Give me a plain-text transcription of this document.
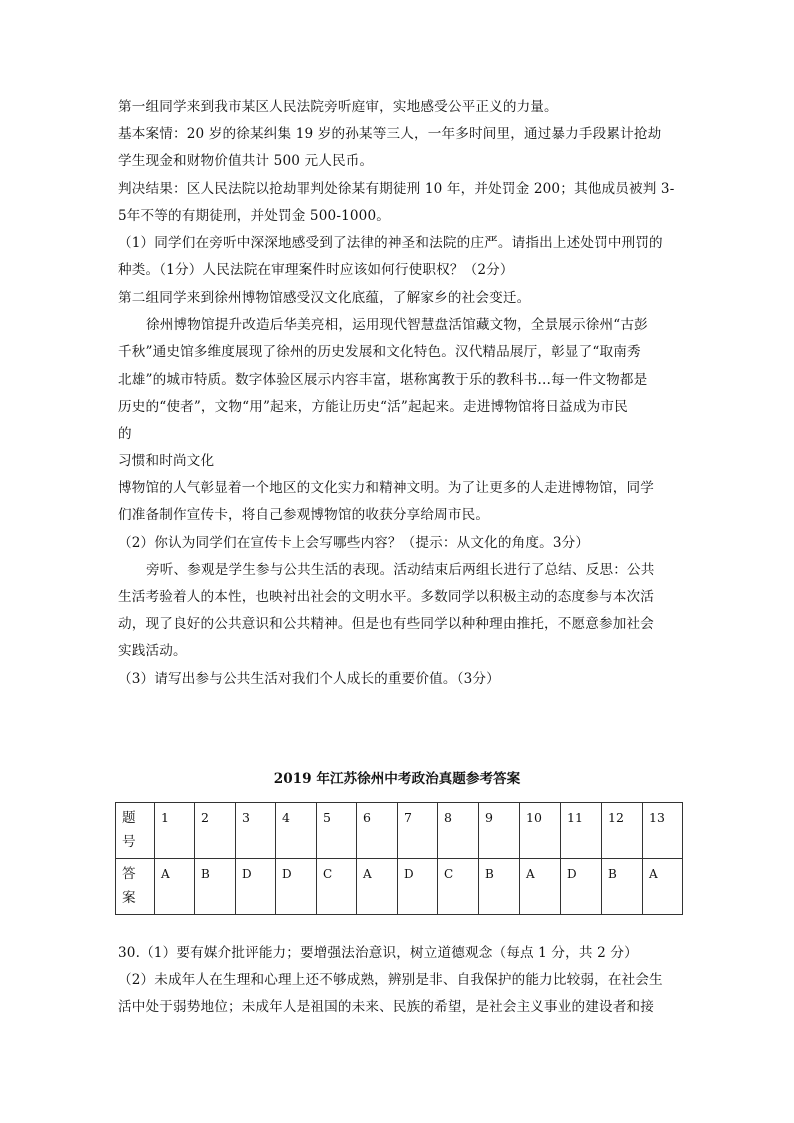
第一组同学来到我市某区人民法院旁听庭审，实地感受公平正义的力量。
基本案情：20 岁的徐某纠集 19 岁的孙某等三人，一年多时间里，通过暴力手段累计抢劫
学生现金和财物价值共计 500 元人民币。
判决结果：区人民法院以抢劫罪判处徐某有期徒刑 10 年，并处罚金 200；其他成员被判 3-
5年不等的有期徒刑，并处罚金 500-1000。
（1）同学们在旁听中深深地感受到了法律的神圣和法院的庄严。请指出上述处罚中刑罚的
种类。（1分）人民法院在审理案件时应该如何行使职权？（2分）
第二组同学来到徐州博物馆感受汉文化底蕴，了解家乡的社会变迁。
徐州博物馆提升改造后华美亮相，运用现代智慧盘活馆藏文物，全景展示徐州“古彭
千秋”通史馆多维度展现了徐州的历史发展和文化特色。汉代精品展厅，彰显了“取南秀
北雄”的城市特质。数字体验区展示内容丰富，堪称寓教于乐的教科书…每一件文物都是
历史的“使者”，文物“用”起来，方能让历史“活”起起来。走进博物馆将日益成为市民
的
习惯和时尚文化
博物馆的人气彰显着一个地区的文化实力和精神文明。为了让更多的人走进博物馆，同学
们准备制作宣传卡，将自己参观博物馆的收获分享给周市民。
（2）你认为同学们在宣传卡上会写哪些内容？（提示：从文化的角度。3分）
旁听、参观是学生参与公共生活的表现。活动结束后两组长进行了总结、反思：公共
生活考验着人的本性，也映衬出社会的文明水平。多数同学以积极主动的态度参与本次活
动，现了良好的公共意识和公共精神。但是也有些同学以种种理由推托，不愿意参加社会
实践活动。
（3）请写出参与公共生活对我们个人成长的重要价值。（3分）
2019 年江苏徐州中考政治真题参考答案
题
号	1	2	3	4	5	6	7	8	9	10	11	12	13
答
案	A	B	D	D	C	A	D	C	B	A	D	B	A
30.（1）要有媒介批评能力；要增强法治意识，树立道德观念（每点 1 分，共 2 分）
（2）未成年人在生理和心理上还不够成熟，辨别是非、自我保护的能力比较弱，在社会生
活中处于弱势地位；未成年人是祖国的未来、民族的希望，是社会主义事业的建设者和接
